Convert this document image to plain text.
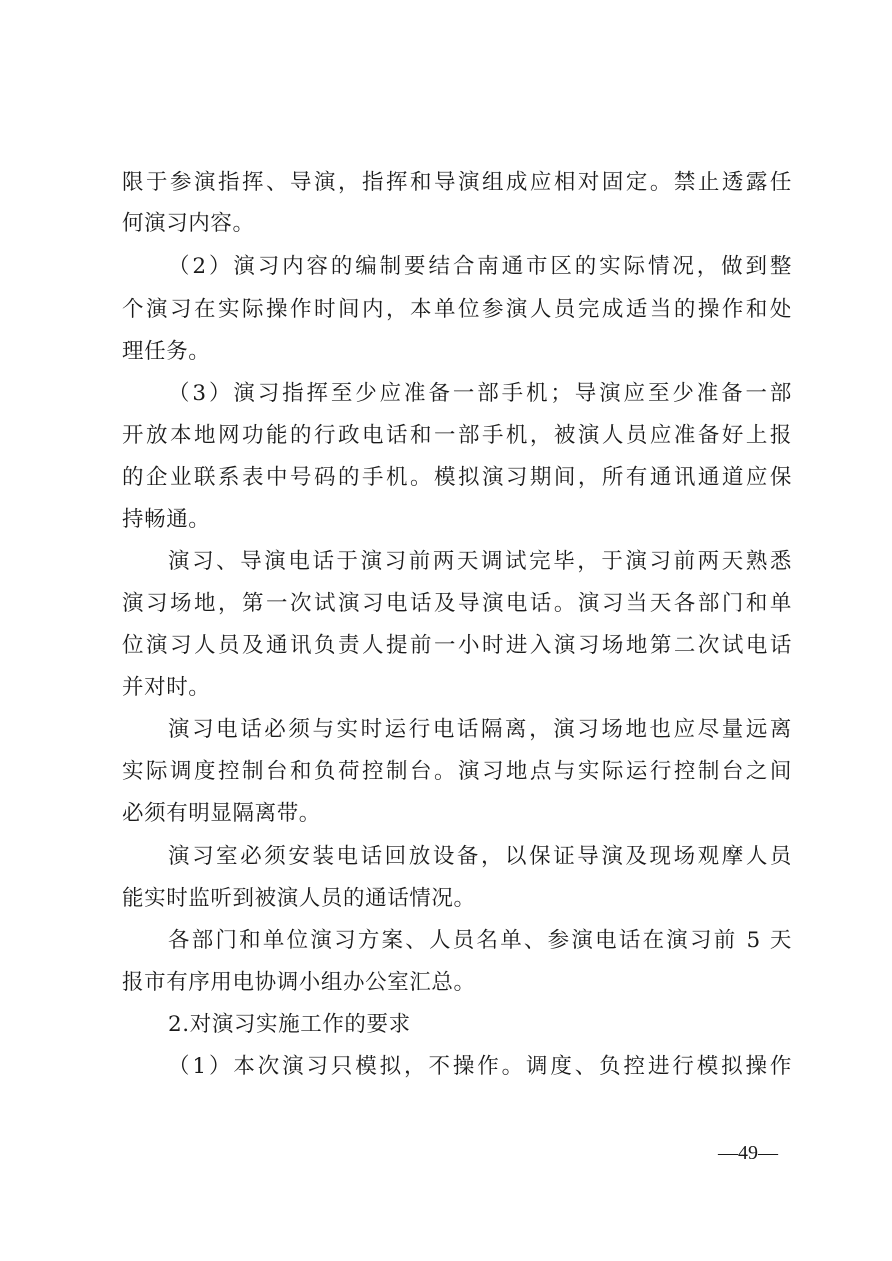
限于参演指挥、导演，指挥和导演组成应相对固定。禁止透露任
何演习内容。
（2）演习内容的编制要结合南通市区的实际情况，做到整
个演习在实际操作时间内，本单位参演人员完成适当的操作和处
理任务。
（3）演习指挥至少应准备一部手机；导演应至少准备一部
开放本地网功能的行政电话和一部手机，被演人员应准备好上报
的企业联系表中号码的手机。模拟演习期间，所有通讯通道应保
持畅通。
演习、导演电话于演习前两天调试完毕，于演习前两天熟悉
演习场地，第一次试演习电话及导演电话。演习当天各部门和单
位演习人员及通讯负责人提前一小时进入演习场地第二次试电话
并对时。
演习电话必须与实时运行电话隔离，演习场地也应尽量远离
实际调度控制台和负荷控制台。演习地点与实际运行控制台之间
必须有明显隔离带。
演习室必须安装电话回放设备，以保证导演及现场观摩人员
能实时监听到被演人员的通话情况。
各部门和单位演习方案、人员名单、参演电话在演习前 5 天
报市有序用电协调小组办公室汇总。
2.对演习实施工作的要求
（1）本次演习只模拟，不操作。调度、负控进行模拟操作
—49—
